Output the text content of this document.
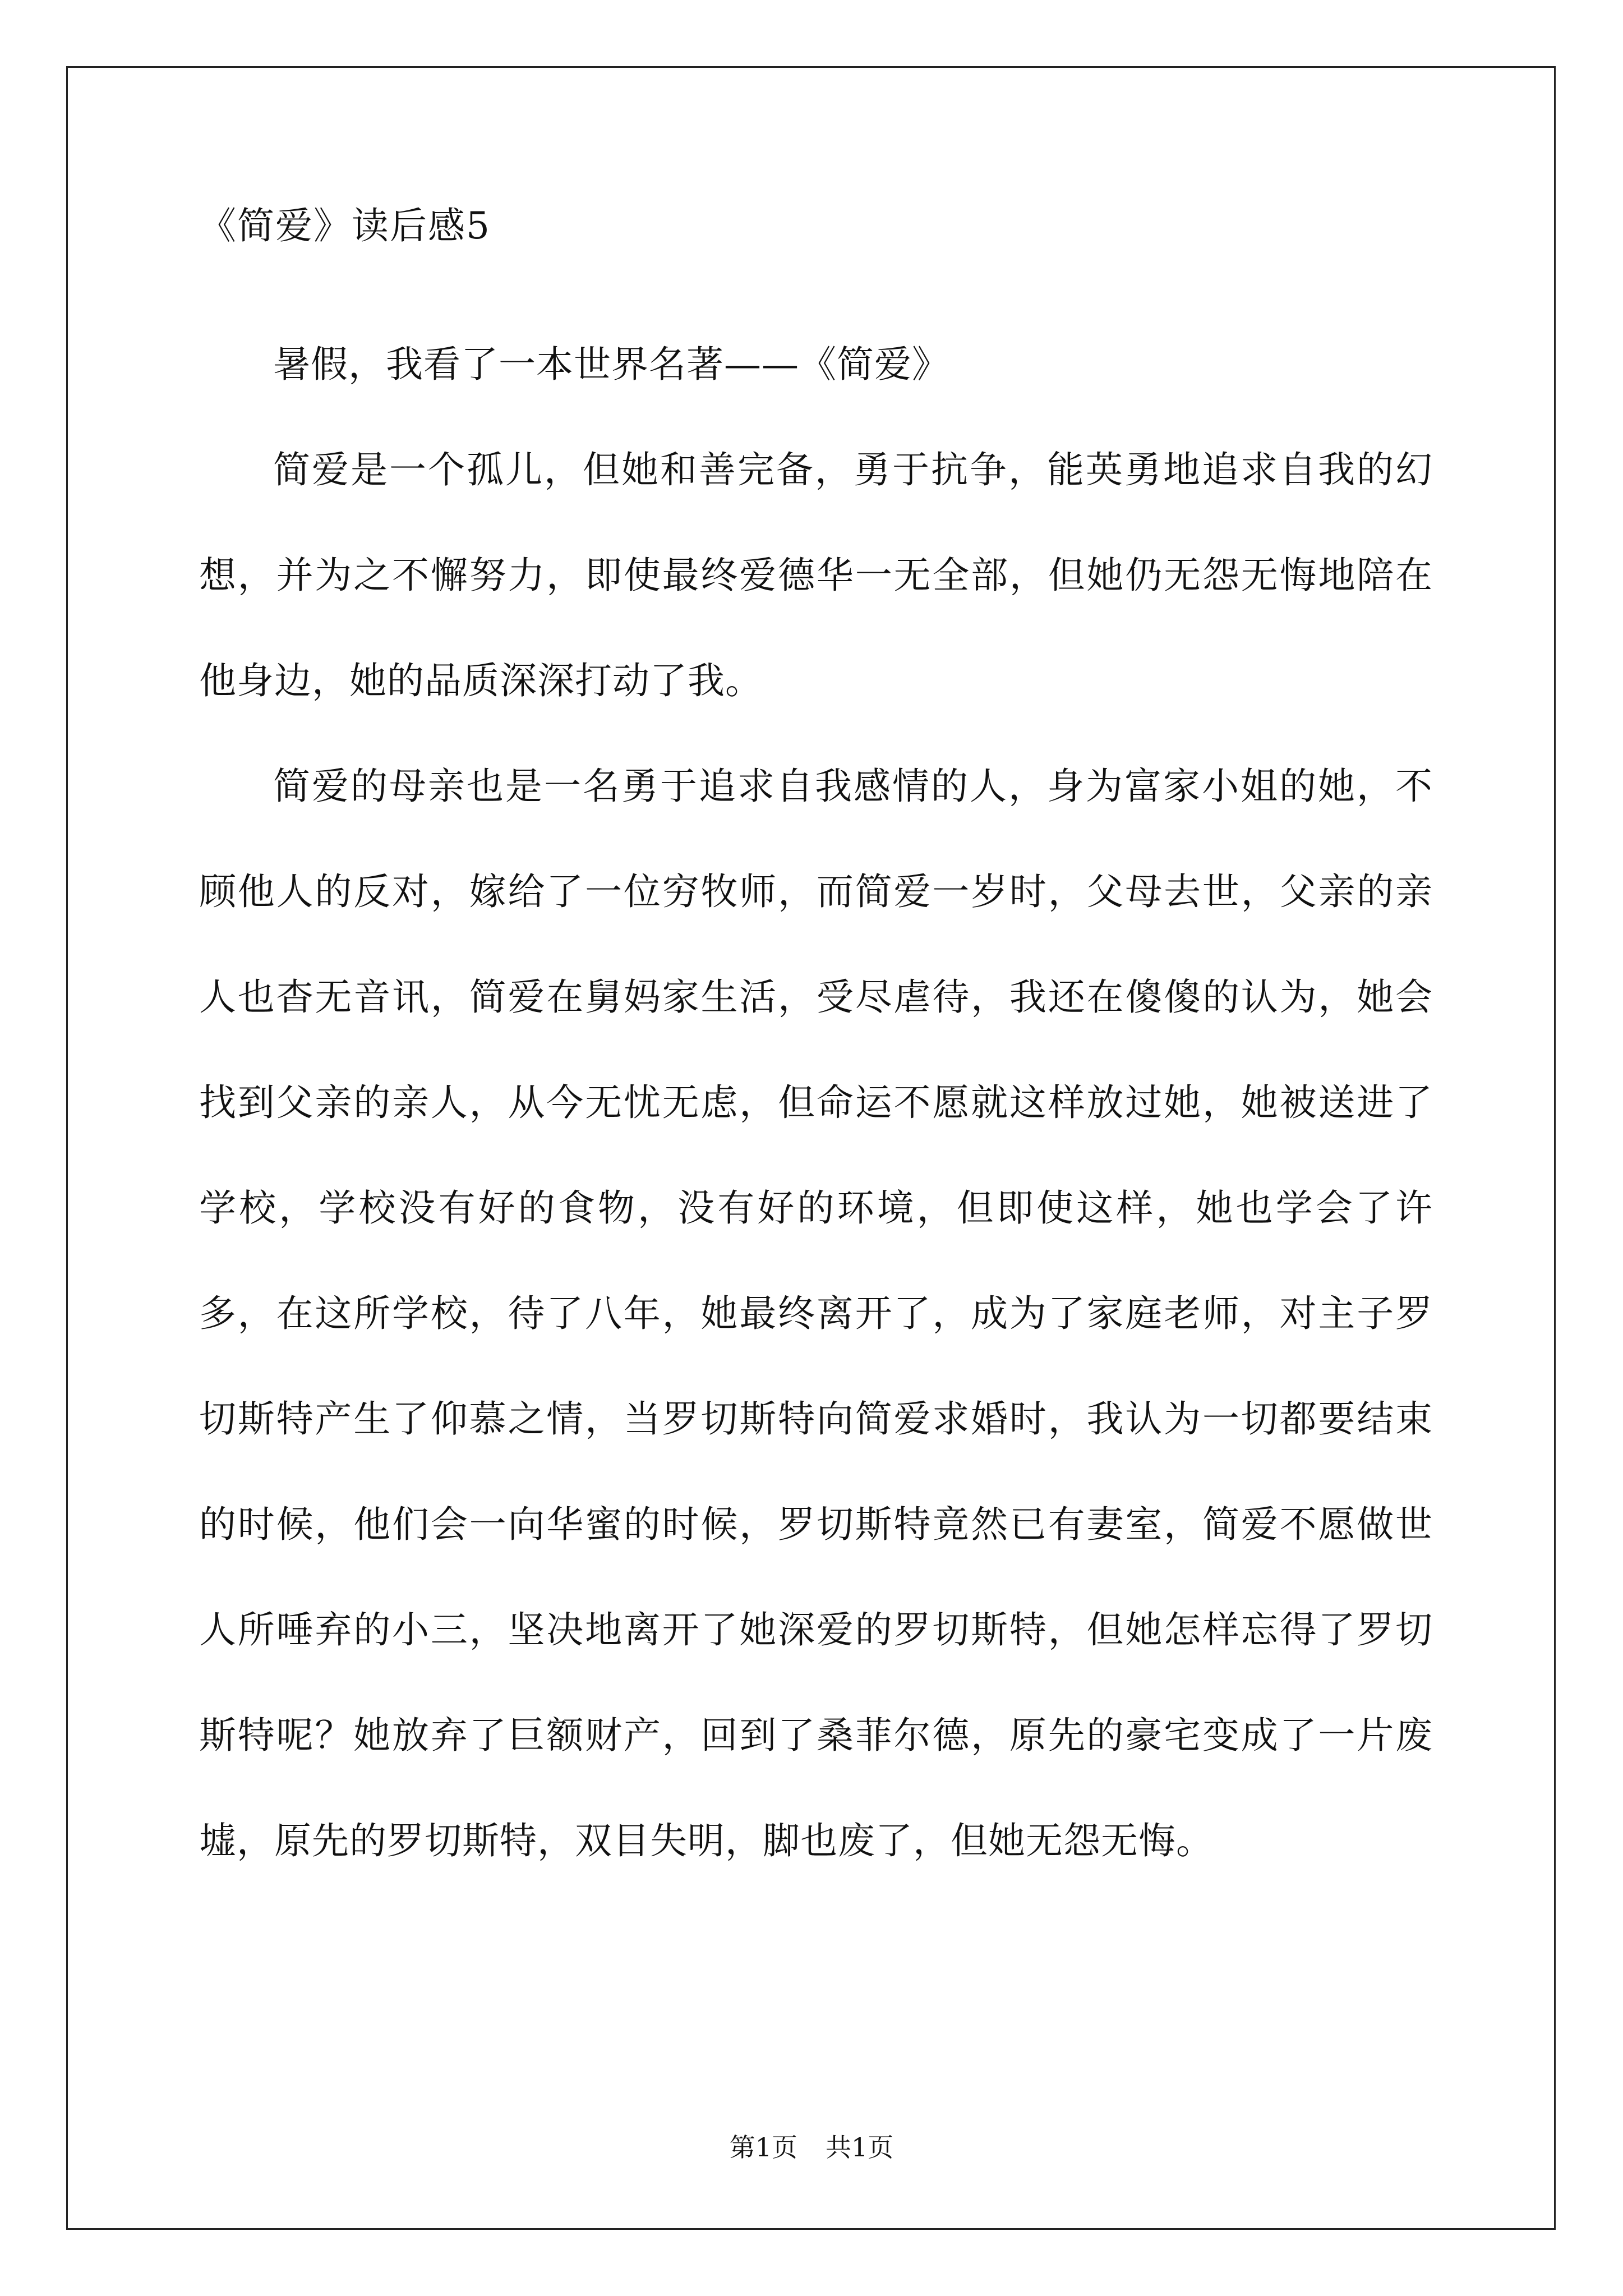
《简爱》读后感5

暑假，我看了一本世界名著——《简爱》

简爱是一个孤儿，但她和善完备，勇于抗争，能英勇地追求自我的幻想，并为之不懈努力，即使最终爱德华一无全部，但她仍无怨无悔地陪在他身边，她的品质深深打动了我。

简爱的母亲也是一名勇于追求自我感情的人，身为富家小姐的她，不顾他人的反对，嫁给了一位穷牧师，而简爱一岁时，父母去世，父亲的亲人也杳无音讯，简爱在舅妈家生活，受尽虐待，我还在傻傻的认为，她会找到父亲的亲人，从今无忧无虑，但命运不愿就这样放过她，她被送进了学校，学校没有好的食物，没有好的环境，但即使这样，她也学会了许多，在这所学校，待了八年，她最终离开了，成为了家庭老师，对主子罗切斯特产生了仰慕之情，当罗切斯特向简爱求婚时，我认为一切都要结束的时候，他们会一向华蜜的时候，罗切斯特竟然已有妻室，简爱不愿做世人所唾弃的小三，坚决地离开了她深爱的罗切斯特，但她怎样忘得了罗切斯特呢？她放弃了巨额财产，回到了桑菲尔德，原先的豪宅变成了一片废墟，原先的罗切斯特，双目失明，脚也废了，但她无怨无悔。

第1页 共1页
